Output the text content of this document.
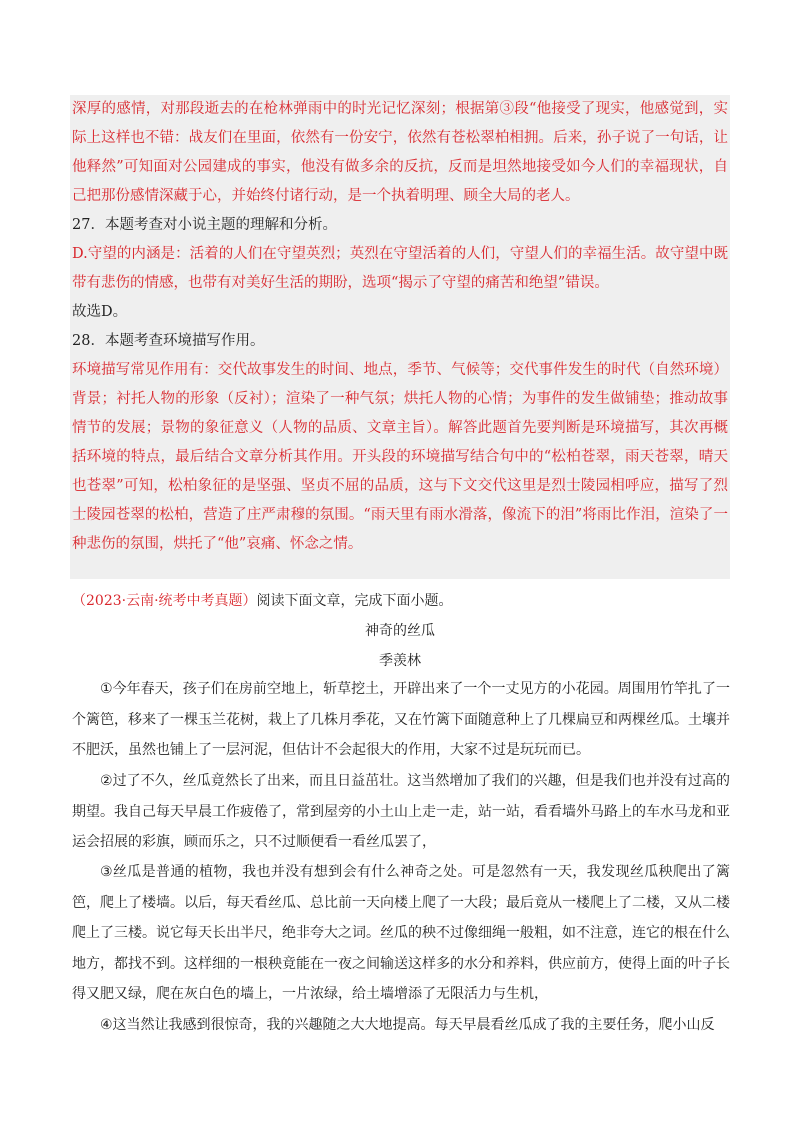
深厚的感情，对那段逝去的在枪林弹雨中的时光记忆深刻；根据第③段“他接受了现实，他感觉到，实际上这样也不错：战友们在里面，依然有一份安宁，依然有苍松翠柏相拥。后来，孙子说了一句话，让他释然”可知面对公园建成的事实，他没有做多余的反抗，反而是坦然地接受如今人们的幸福现状，自己把那份感情深藏于心，并始终付诸行动，是一个执着明理、顾全大局的老人。

27．本题考查对小说主题的理解和分析。

D.守望的内涵是：活着的人们在守望英烈；英烈在守望活着的人们，守望人们的幸福生活。故守望中既带有悲伤的情感，也带有对美好生活的期盼，选项“揭示了守望的痛苦和绝望”错误。

故选D。

28．本题考查环境描写作用。

环境描写常见作用有：交代故事发生的时间、地点，季节、气候等；交代事件发生的时代（自然环境）背景；衬托人物的形象（反衬）；渲染了一种气氛；烘托人物的心情；为事件的发生做铺垫；推动故事情节的发展；景物的象征意义（人物的品质、文章主旨）。解答此题首先要判断是环境描写，其次再概括环境的特点，最后结合文章分析其作用。开头段的环境描写结合句中的“松柏苍翠，雨天苍翠，晴天也苍翠”可知，松柏象征的是坚强、坚贞不屈的品质，这与下文交代这里是烈士陵园相呼应，描写了烈士陵园苍翠的松柏，营造了庄严肃穆的氛围。“雨天里有雨水滑落，像流下的泪”将雨比作泪，渲染了一种悲伤的氛围，烘托了“他”哀痛、怀念之情。

（2023·云南·统考中考真题）阅读下面文章，完成下面小题。

神奇的丝瓜

季羡林

①今年春天，孩子们在房前空地上，斩草挖土，开辟出来了一个一丈见方的小花园。周围用竹竿扎了一个篱笆，移来了一棵玉兰花树，栽上了几株月季花，又在竹篱下面随意种上了几棵扁豆和两棵丝瓜。土壤并不肥沃，虽然也铺上了一层河泥，但估计不会起很大的作用，大家不过是玩玩而已。

②过了不久，丝瓜竟然长了出来，而且日益茁壮。这当然增加了我们的兴趣，但是我们也并没有过高的期望。我自己每天早晨工作疲倦了，常到屋旁的小土山上走一走，站一站，看看墙外马路上的车水马龙和亚运会招展的彩旗，顾而乐之，只不过顺便看一看丝瓜罢了，

③丝瓜是普通的植物，我也并没有想到会有什么神奇之处。可是忽然有一天，我发现丝瓜秧爬出了篱笆，爬上了楼墙。以后，每天看丝瓜、总比前一天向楼上爬了一大段；最后竟从一楼爬上了二楼，又从二楼爬上了三楼。说它每天长出半尺，绝非夸大之词。丝瓜的秧不过像细绳一般粗，如不注意，连它的根在什么地方，都找不到。这样细的一根秧竟能在一夜之间输送这样多的水分和养料，供应前方，使得上面的叶子长得又肥又绿，爬在灰白色的墙上，一片浓绿，给土墙增添了无限活力与生机，

④这当然让我感到很惊奇，我的兴趣随之大大地提高。每天早晨看丝瓜成了我的主要任务，爬小山反
